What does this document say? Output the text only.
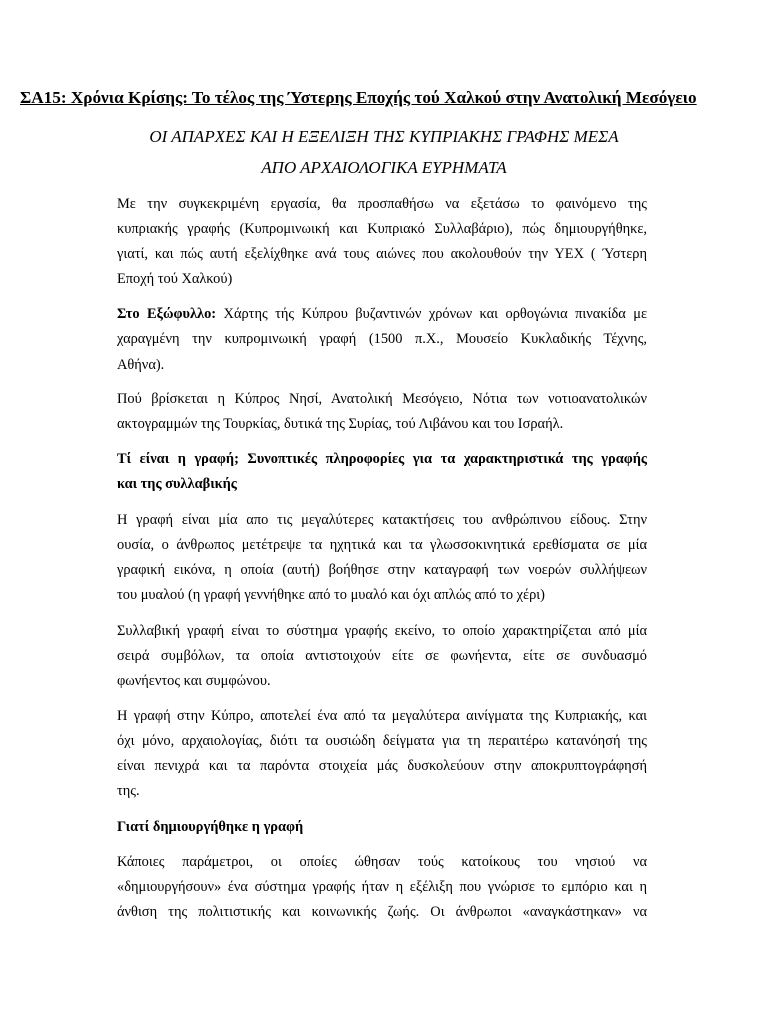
ΣΑ15: Χρόνια Κρίσης: Το τέλος της Ύστερης Εποχής τού Χαλκού στην Ανατολική Μεσόγειο
ΟΙ ΑΠΑΡΧΕΣ ΚΑΙ Η ΕΞΕΛΙΞΗ ΤΗΣ ΚΥΠΡΙΑΚΗΣ ΓΡΑΦΗΣ ΜΕΣΑ
ΑΠΟ ΑΡΧΑΙΟΛΟΓΙΚΑ ΕΥΡΗΜΑΤΑ
Με την συγκεκριμένη εργασία, θα προσπαθήσω να εξετάσω το φαινόμενο της
κυπριακής γραφής (Κυπρομινωική και Κυπριακό Συλλαβάριο), πώς δημιουργήθηκε,
γιατί, και πώς αυτή εξελίχθηκε ανά τους αιώνες που ακολουθούν την ΥΕΧ ( Ύστερη
Εποχή τού Χαλκού)
Στο Εξώφυλλο: Χάρτης τής Κύπρου βυζαντινών χρόνων και ορθογώνια πινακίδα με
χαραγμένη την κυπρομινωική γραφή (1500 π.Χ., Μουσείο Κυκλαδικής Τέχνης,
Αθήνα).
Πού βρίσκεται η Κύπρος Νησί, Ανατολική Μεσόγειο, Νότια των νοτιοανατολικών
ακτογραμμών της Τουρκίας, δυτικά της Συρίας, τού Λιβάνου και του Ισραήλ.
Τί είναι η γραφή; Συνοπτικές πληροφορίες για τα χαρακτηριστικά της γραφής
και της συλλαβικής
Η γραφή είναι μία απο τις μεγαλύτερες κατακτήσεις του ανθρώπινου είδους. Στην
ουσία, ο άνθρωπος μετέτρεψε τα ηχητικά και τα γλωσσοκινητικά ερεθίσματα σε μία
γραφική εικόνα, η οποία (αυτή) βοήθησε στην καταγραφή των νοερών συλλήψεων
του μυαλού (η γραφή γεννήθηκε από το μυαλό και όχι απλώς από το χέρι)
Συλλαβική γραφή είναι το σύστημα γραφής εκείνο, το οποίο χαρακτηρίζεται από μία
σειρά συμβόλων, τα οποία αντιστοιχούν είτε σε φωνήεντα, είτε σε συνδυασμό
φωνήεντος και συμφώνου.
Η γραφή στην Κύπρο, αποτελεί ένα από τα μεγαλύτερα αινίγματα της Κυπριακής, και
όχι μόνο, αρχαιολογίας, διότι τα ουσιώδη δείγματα για τη περαιτέρω κατανόησή της
είναι πενιχρά και τα παρόντα στοιχεία μάς δυσκολεύουν στην αποκρυπτογράφησή
της.
Γιατί δημιουργήθηκε η γραφή
Κάποιες παράμετροι, οι οποίες ώθησαν τούς κατοίκους του νησιού να
«δημιουργήσουν» ένα σύστημα γραφής ήταν η εξέλιξη που γνώρισε το εμπόριο και η
άνθιση της πολιτιστικής και κοινωνικής ζωής. Οι άνθρωποι «αναγκάστηκαν» να
